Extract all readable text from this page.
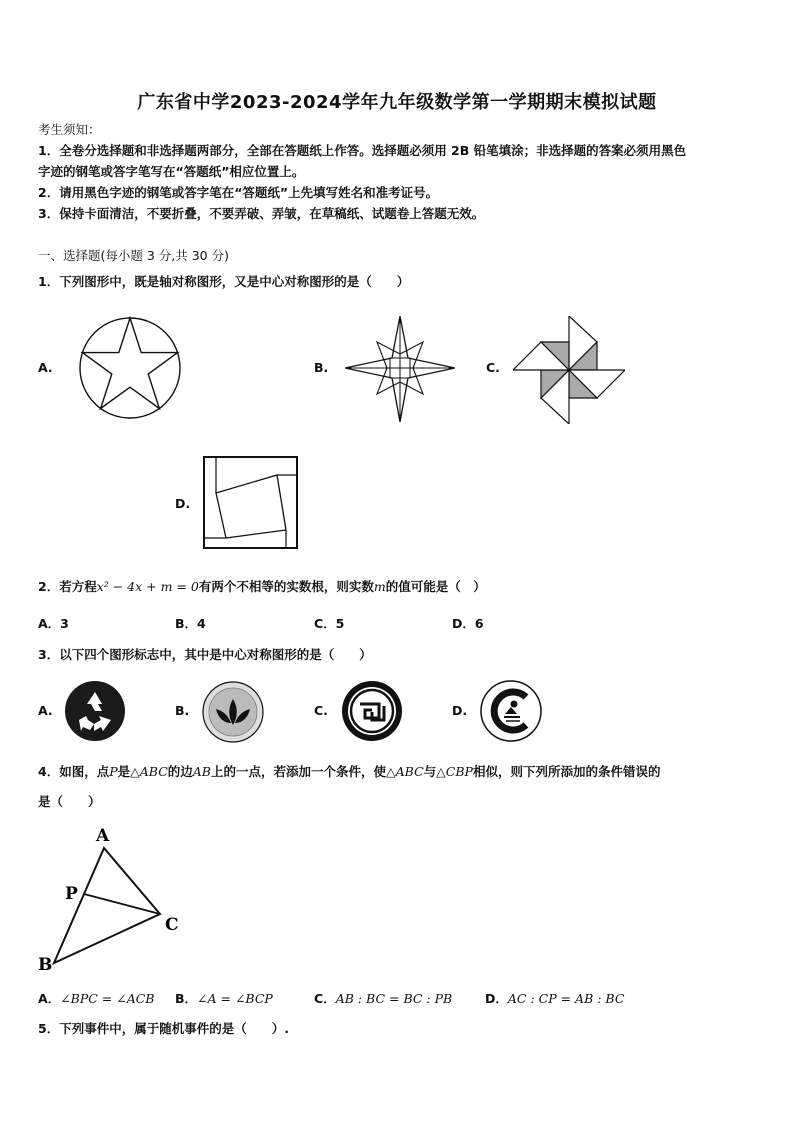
广东省中学2023-2024学年九年级数学第一学期期末模拟试题
考生须知：
1．全卷分选择题和非选择题两部分，全部在答题纸上作答。选择题必须用 2B 铅笔填涂；非选择题的答案必须用黑色
字迹的钢笔或答字笔写在“答题纸”相应位置上。
2．请用黑色字迹的钢笔或答字笔在“答题纸”上先填写姓名和准考证号。
3．保持卡面清洁，不要折叠，不要弄破、弄皱，在草稿纸、试题卷上答题无效。
一、选择题(每小题 3 分,共 30 分)
1．下列图形中，既是轴对称图形，又是中心对称图形的是（　　）
A.	B.	C.
D.
2．若方程x² − 4x + m = 0有两个不相等的实数根，则实数m的值可能是（　）
A．3	B．4	C．5	D．6
3．以下四个图形标志中，其中是中心对称图形的是（　　）
A.	B.	C.	D.
4．如图，点P是△ABC的边AB上的一点，若添加一个条件，使△ABC与△CBP相似，则下列所添加的条件错误的
是（　　）
A
P
C
B
A．∠BPC = ∠ACB B．∠A = ∠BCP	C．AB : BC = BC : PB	D．AC : CP = AB : BC
5．下列事件中，属于随机事件的是（　　）.
